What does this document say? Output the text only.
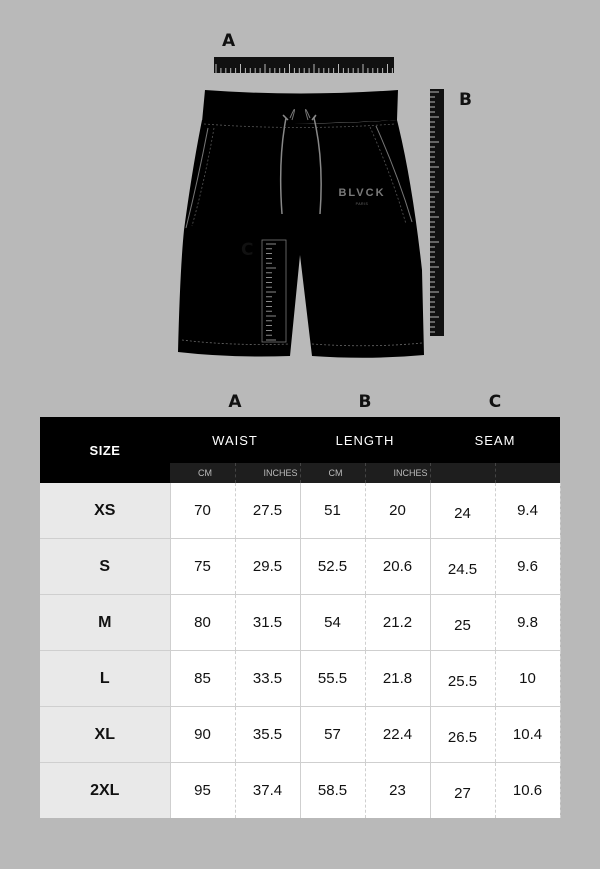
BLVCK
PARIS
A
B
C
A	B	C
SIZE	WAIST		LENGTH		SEAM	
	CM	INCHES	CM	INCHES		
XS	70	27.5	51	20	24	9.4
S	75	29.5	52.5	20.6	24.5	9.6
M	80	31.5	54	21.2	25	9.8
L	85	33.5	55.5	21.8	25.5	10
XL	90	35.5	57	22.4	26.5	10.4
2XL	95	37.4	58.5	23	27	10.6
